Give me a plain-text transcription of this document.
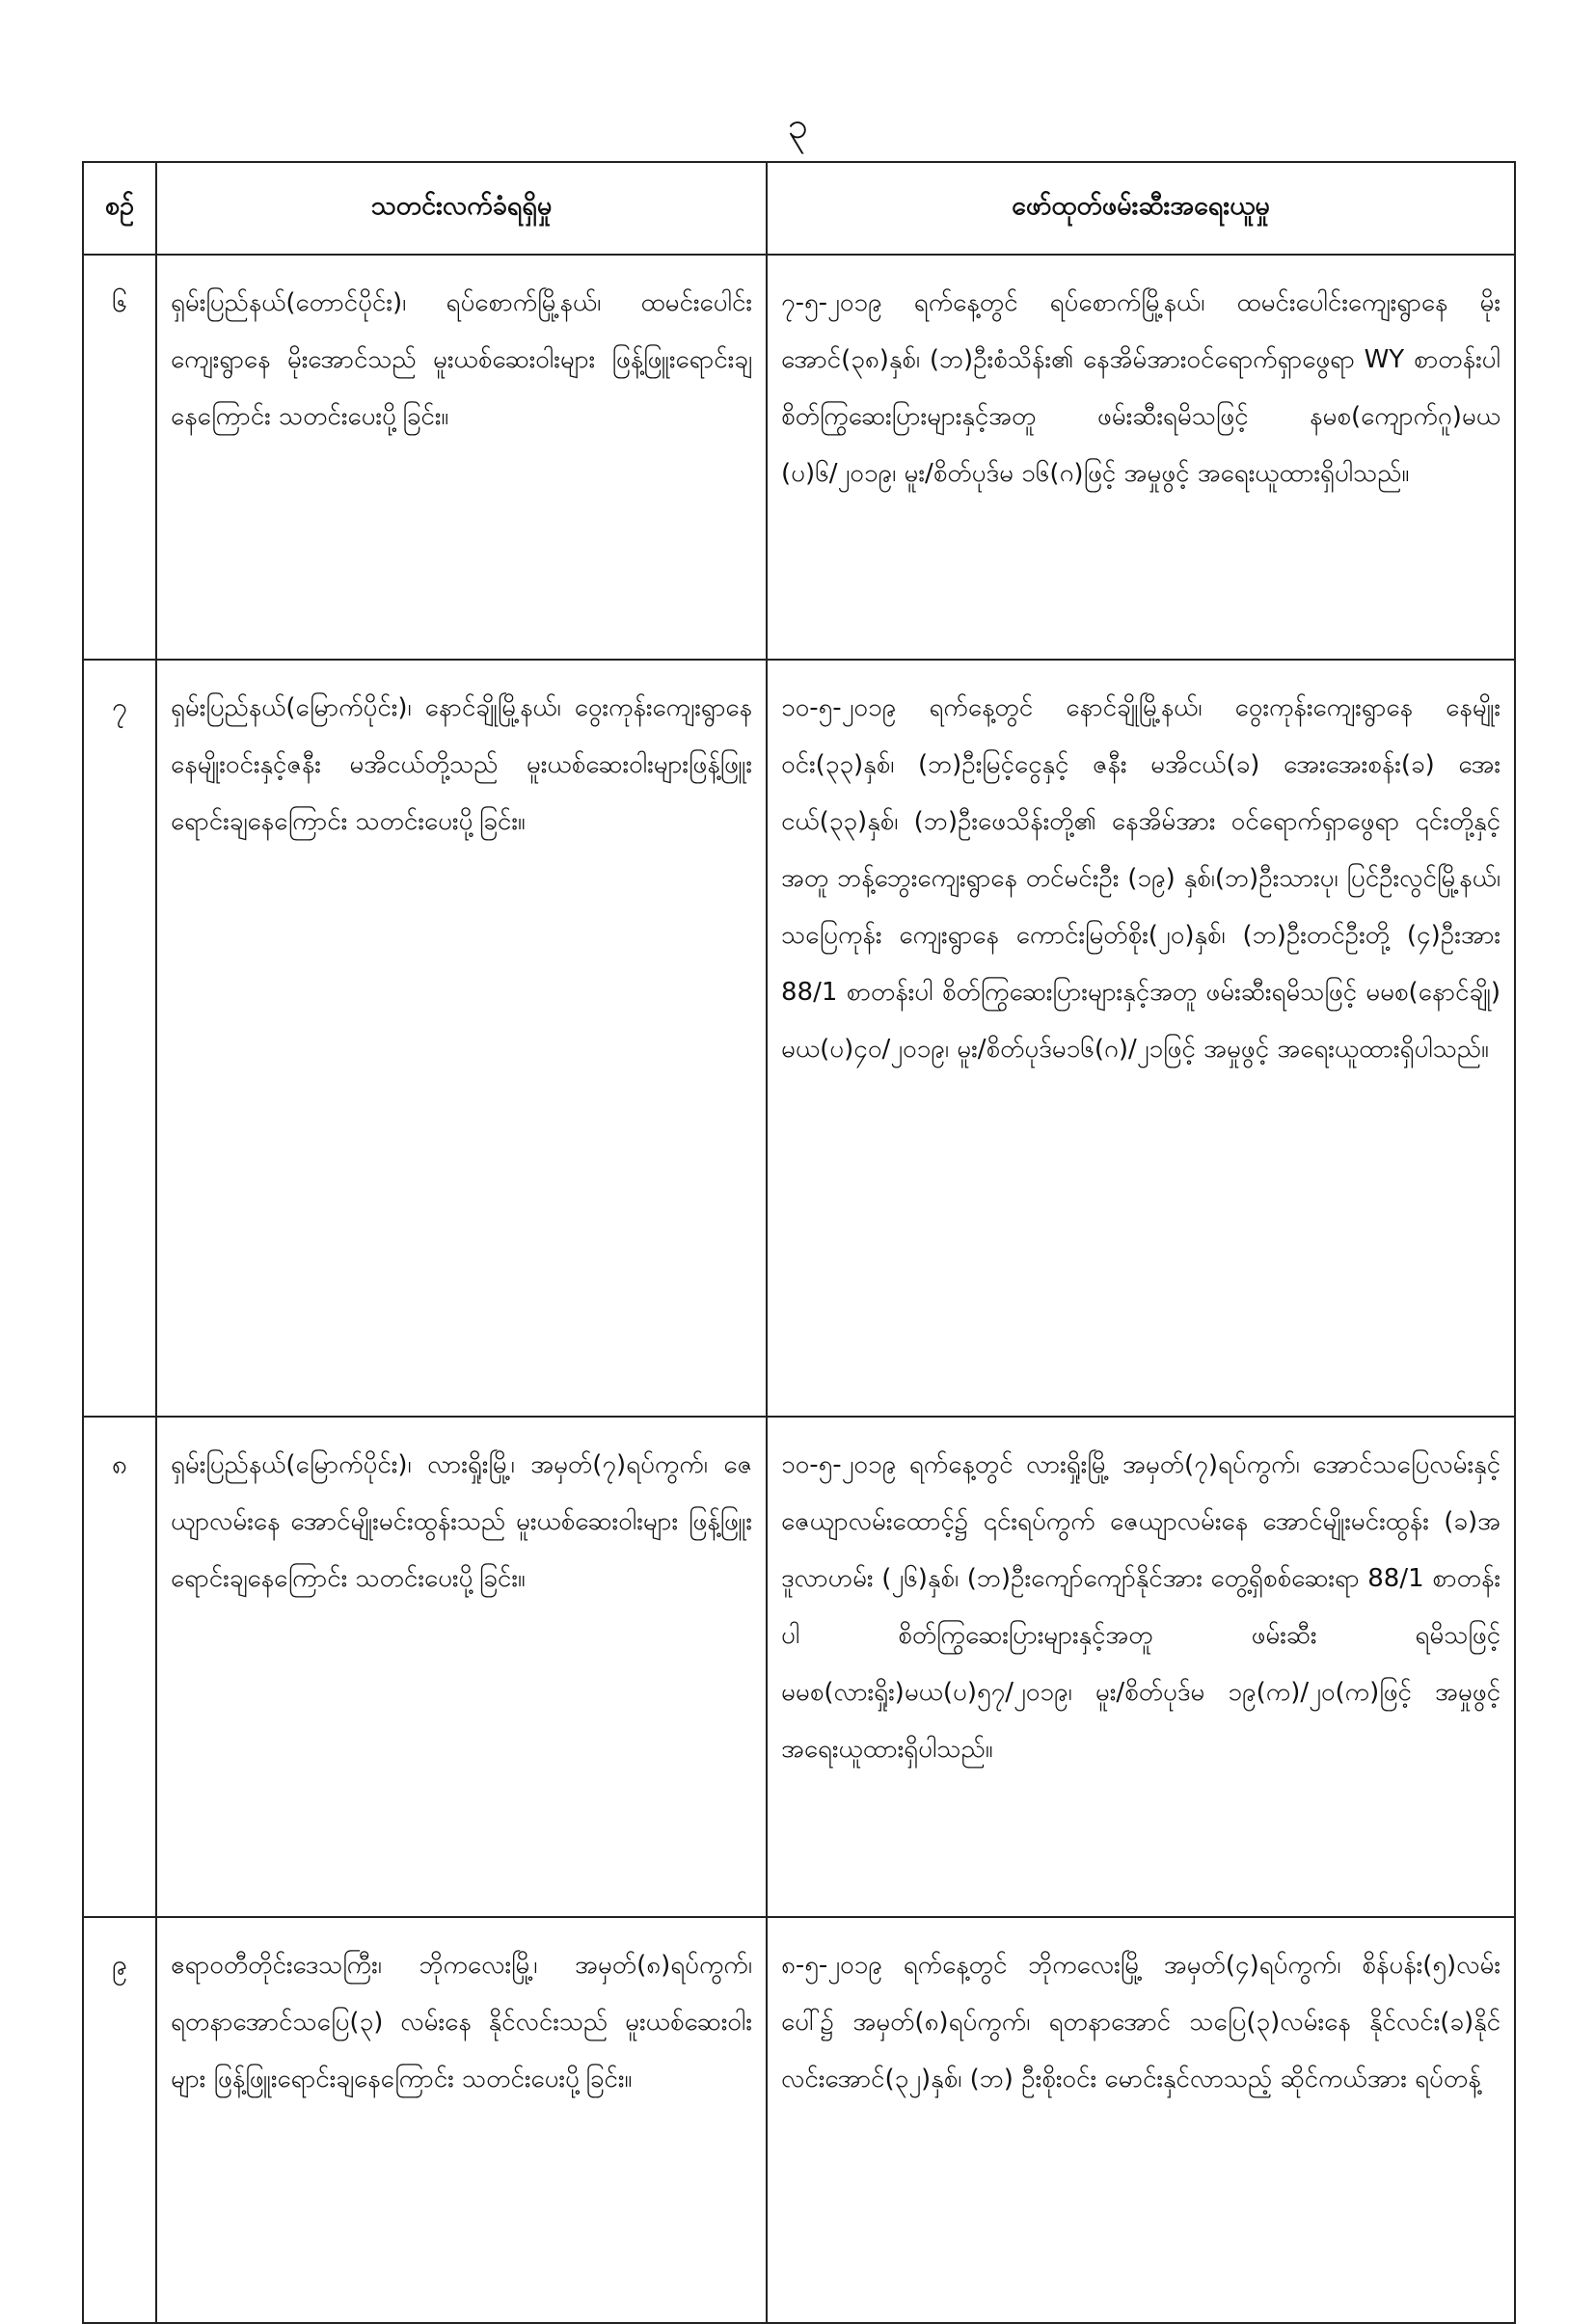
၃
စဉ်	သတင်းလက်ခံရရှိမှု	ဖော်ထုတ်ဖမ်းဆီးအရေးယူမှု
၆	ရှမ်းပြည်နယ်(တောင်ပိုင်း)၊ ရပ်စောက်မြို့နယ်၊ ထမင်းပေါင်းကျေးရွာနေ မိုးအောင်သည် မူးယစ်ဆေးဝါးများ ဖြန့်ဖြူးရောင်းချနေကြောင်း သတင်းပေးပို့ခြင်း။	၇-၅-၂၀၁၉ ရက်နေ့တွင် ရပ်စောက်မြို့နယ်၊ ထမင်းပေါင်းကျေးရွာနေ မိုးအောင်(၃၈)နှစ်၊ (ဘ)ဦးစံသိန်း၏ နေအိမ်အားဝင်ရောက်ရှာဖွေရာ WY စာတန်းပါ စိတ်ကြွဆေးပြားများနှင့်အတူ ဖမ်းဆီးရမိသဖြင့် နမစ(ကျောက်ဂူ)မယ (ပ)၆/၂၀၁၉၊ မူး/စိတ်ပုဒ်မ ၁၆(ဂ)ဖြင့် အမှုဖွင့် အရေးယူထားရှိပါသည်။
၇	ရှမ်းပြည်နယ်(မြောက်ပိုင်း)၊ နောင်ချိုမြို့နယ်၊ ဝွေးကုန်းကျေးရွာနေ နေမျိုးဝင်းနှင့်ဇနီး မအိငယ်တို့သည် မူးယစ်ဆေးဝါးများဖြန့်ဖြူး ရောင်းချနေကြောင်း သတင်းပေးပို့ခြင်း။	၁၀-၅-၂၀၁၉ ရက်နေ့တွင် နောင်ချိုမြို့နယ်၊ ဝွေးကုန်းကျေးရွာနေ နေမျိုးဝင်း(၃၃)နှစ်၊ (ဘ)ဦးမြင့်ငွေနှင့် ဇနီး မအိငယ်(ခ) အေးအေးစန်း(ခ) အေးငယ်(၃၃)နှစ်၊ (ဘ)ဦးဖေသိန်းတို့၏ နေအိမ်အား ဝင်ရောက်ရှာဖွေရာ ၎င်းတို့နှင့်အတူ ဘန့်ဘွေးကျေးရွာနေ တင်မင်းဦး (၁၉) နှစ်၊(ဘ)ဦးသားပု၊ ပြင်ဦးလွင်မြို့နယ်၊ သပြေကုန်း ကျေးရွာနေ ကောင်းမြတ်စိုး(၂၀)နှစ်၊ (ဘ)ဦးတင်ဦးတို့ (၄)ဦးအား 88/1 စာတန်းပါ စိတ်ကြွဆေးပြားများနှင့်အတူ ဖမ်းဆီးရမိသဖြင့် မမစ(နောင်ချို) မယ(ပ)၄၀/၂၀၁၉၊ မူး/စိတ်ပုဒ်မ၁၆(ဂ)/၂၁ဖြင့် အမှုဖွင့် အရေးယူထားရှိပါသည်။
၈	ရှမ်းပြည်နယ်(မြောက်ပိုင်း)၊ လားရှိုးမြို့၊ အမှတ်(၇)ရပ်ကွက်၊ ဇေယျာလမ်းနေ အောင်မျိုးမင်းထွန်းသည် မူးယစ်ဆေးဝါးများ ဖြန့်ဖြူးရောင်းချနေကြောင်း သတင်းပေးပို့ခြင်း။	၁၀-၅-၂၀၁၉ ရက်နေ့တွင် လားရှိုးမြို့ အမှတ်(၇)ရပ်ကွက်၊ အောင်သပြေလမ်းနှင့် ဇေယျာလမ်းထောင့်၌ ၎င်းရပ်ကွက် ဇေယျာလမ်းနေ အောင်မျိုးမင်းထွန်း (ခ)အဒူလာဟမ်း (၂၆)နှစ်၊ (ဘ)ဦးကျော်ကျော်နိုင်အား တွေ့ရှိစစ်ဆေးရာ 88/1 စာတန်းပါ စိတ်ကြွဆေးပြားများနှင့်အတူ ဖမ်းဆီး ရမိသဖြင့် မမစ(လားရှိုး)မယ(ပ)၅၇/၂၀၁၉၊ မူး/စိတ်ပုဒ်မ ၁၉(က)/၂၀(က)ဖြင့် အမှုဖွင့်အရေးယူထားရှိပါသည်။
၉	ဧရာဝတီတိုင်းဒေသကြီး၊ ဘိုကလေးမြို့၊ အမှတ်(၈)ရပ်ကွက်၊ ရတနာအောင်သပြေ(၃) လမ်းနေ နိုင်လင်းသည် မူးယစ်ဆေးဝါးများ ဖြန့်ဖြူးရောင်းချနေကြောင်း သတင်းပေးပို့ခြင်း။	၈-၅-၂၀၁၉ ရက်နေ့တွင် ဘိုကလေးမြို့ အမှတ်(၄)ရပ်ကွက်၊ စိန်ပန်း(၅)လမ်းပေါ်၌ အမှတ်(၈)ရပ်ကွက်၊ ရတနာအောင် သပြေ(၃)လမ်းနေ နိုင်လင်း(ခ)နိုင်လင်းအောင်(၃၂)နှစ်၊ (ဘ) ဦးစိုးဝင်း မောင်းနှင်လာသည့် ဆိုင်ကယ်အား ရပ်တန့်
